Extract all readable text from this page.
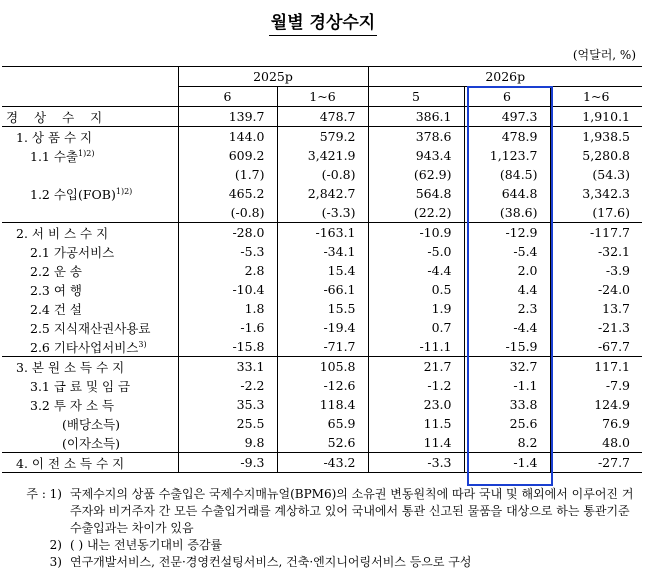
월별 경상수지
(억달러, %)
	2025p		2026p		
	6	1~6	5	6	1~6
경 상 수 지	139.7	478.7	386.1	497.3	1,910.1
1. 상 품 수 지	144.0	579.2	378.6	478.9	1,938.5
1.1 수출$^{1)2)}$	609.2	3,421.9	943.4	1,123.7	5,280.8
	(1.7)	(-0.8)	(62.9)	(84.5)	(54.3)
1.2 수입(FOB)$^{1)2)}$	465.2	2,842.7	564.8	644.8	3,342.3
	(-0.8)	(-3.3)	(22.2)	(38.6)	(17.6)
2. 서 비 스 수 지	-28.0	-163.1	-10.9	-12.9	-117.7
2.1 가공서비스	-5.3	-34.1	-5.0	-5.4	-32.1
2.2 운 송	2.8	15.4	-4.4	2.0	-3.9
2.3 여 행	-10.4	-66.1	0.5	4.4	-24.0
2.4 건 설	1.8	15.5	1.9	2.3	13.7
2.5 지식재산권사용료	-1.6	-19.4	0.7	-4.4	-21.3
2.6 기타사업서비스$^{3)}$	-15.8	-71.7	-11.1	-15.9	-67.7
3. 본 원 소 득 수 지	33.1	105.8	21.7	32.7	117.1
3.1 급 료 및 임 금	-2.2	-12.6	-1.2	-1.1	-7.9
3.2 투 자 소 득	35.3	118.4	23.0	33.8	124.9
(배당소득)	25.5	65.9	11.5	25.6	76.9
(이자소득)	9.8	52.6	11.4	8.2	48.0
4. 이 전 소 득 수 지	-9.3	-43.2	-3.3	-1.4	-27.7
주 : 1) 국제수지의 상품 수출입은 국제수지매뉴얼(BPM6)의 소유권 변동원칙에 따라 국내 및 해외에서 이루어진 거주자와 비거주자 간 모든 수출입거래를 계상하고 있어 국내에서 통관 신고된 물품을 대상으로 하는 통관기준 수출입과는 차이가 있음
2) ( ) 내는 전년동기대비 증감률
3) 연구개발서비스, 전문·경영컨설팅서비스, 건축·엔지니어링서비스 등으로 구성
